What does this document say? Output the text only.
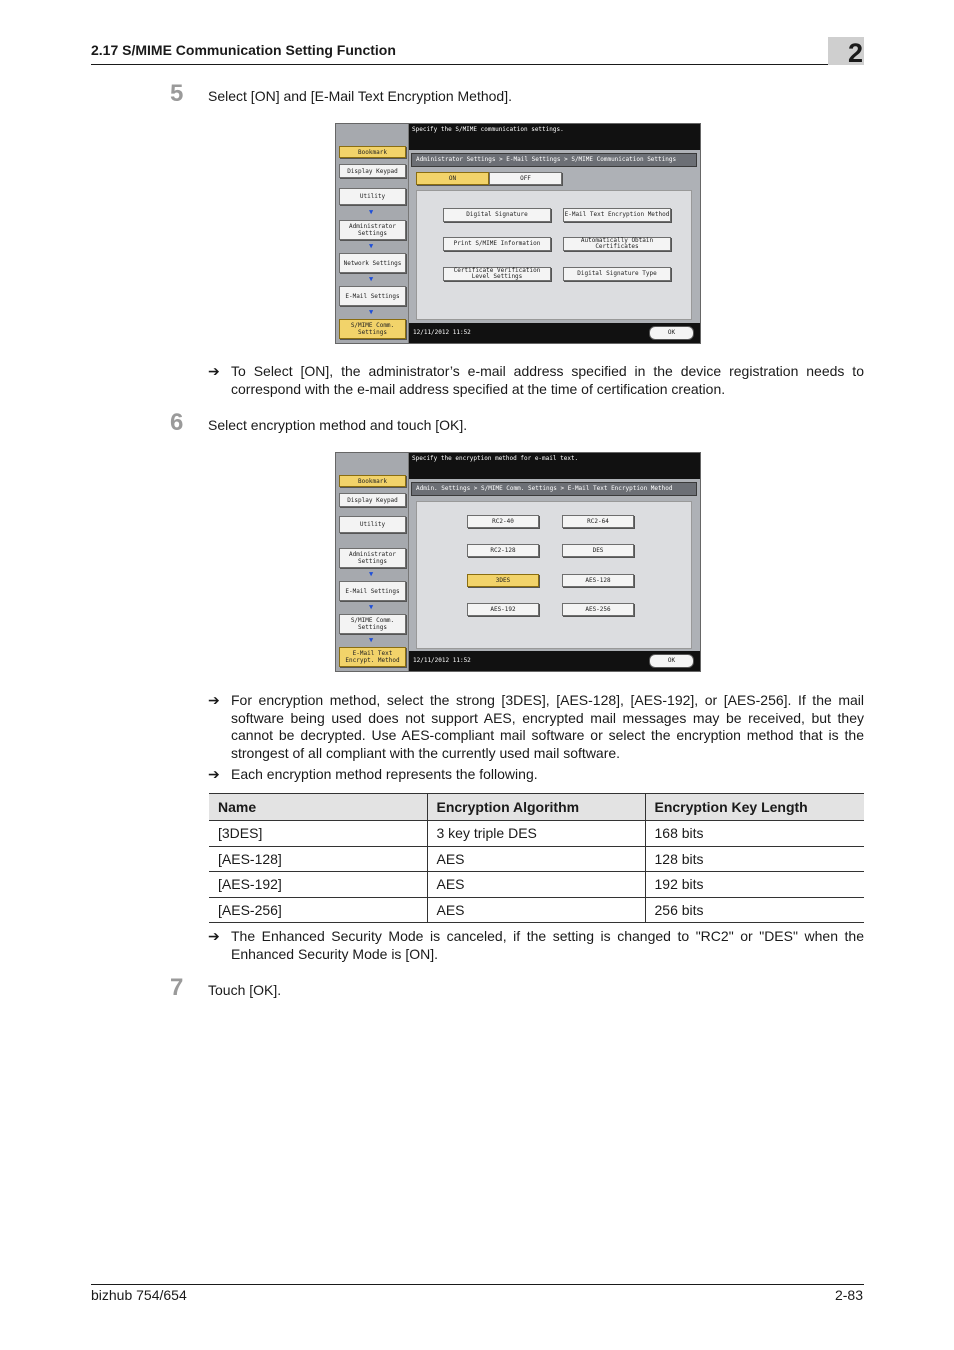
2.17 S/MIME Communication Setting Function	2
5 Select [ON] and [E-Mail Text Encryption Method].
Bookmark
Display Keypad
Utility
▼
Administrator Settings
▼
Network Settings
▼
E-Mail Settings
▼
S/MIME Comm. Settings
Specify the S/MIME communication settings.
Administrator Settings > E-Mail Settings > S/MIME Communication Settings
ON	OFF
Digital Signature	E-Mail Text Encryption Method
Print S/MIME Information	Automatically Obtain Certificates
Certificate Verification Level Settings	Digital Signature Type
12/11/2012 11:52	OK
➔ To Select [ON], the administrator’s e-mail address specified in the device registration needs to correspond with the e-mail address specified at the time of certification creation.
6 Select encryption method and touch [OK].
Bookmark
Display Keypad
Utility
Administrator Settings
▼
E-Mail Settings
▼
S/MIME Comm. Settings
▼
E-Mail Text Encrypt. Method
Specify the encryption method for e-mail text.
Admin. Settings > S/MIME Comm. Settings > E-Mail Text Encryption Method
RC2-40	RC2-64
RC2-128	DES
3DES	AES-128
AES-192	AES-256
12/11/2012 11:52	OK
➔ For encryption method, select the strong [3DES], [AES-128], [AES-192], or [AES-256]. If the mail software being used does not support AES, encrypted mail messages may be received, but they cannot be decrypted. Use AES-compliant mail software or select the encryption method that is the strongest of all compliant with the currently used mail software.
➔ Each encryption method represents the following.
Name	Encryption Algorithm	Encryption Key Length
[3DES]	3 key triple DES	168 bits
[AES-128]	AES	128 bits
[AES-192]	AES	192 bits
[AES-256]	AES	256 bits
➔ The Enhanced Security Mode is canceled, if the setting is changed to "RC2" or "DES" when the Enhanced Security Mode is [ON].
7 Touch [OK].
bizhub 754/654	2-83
